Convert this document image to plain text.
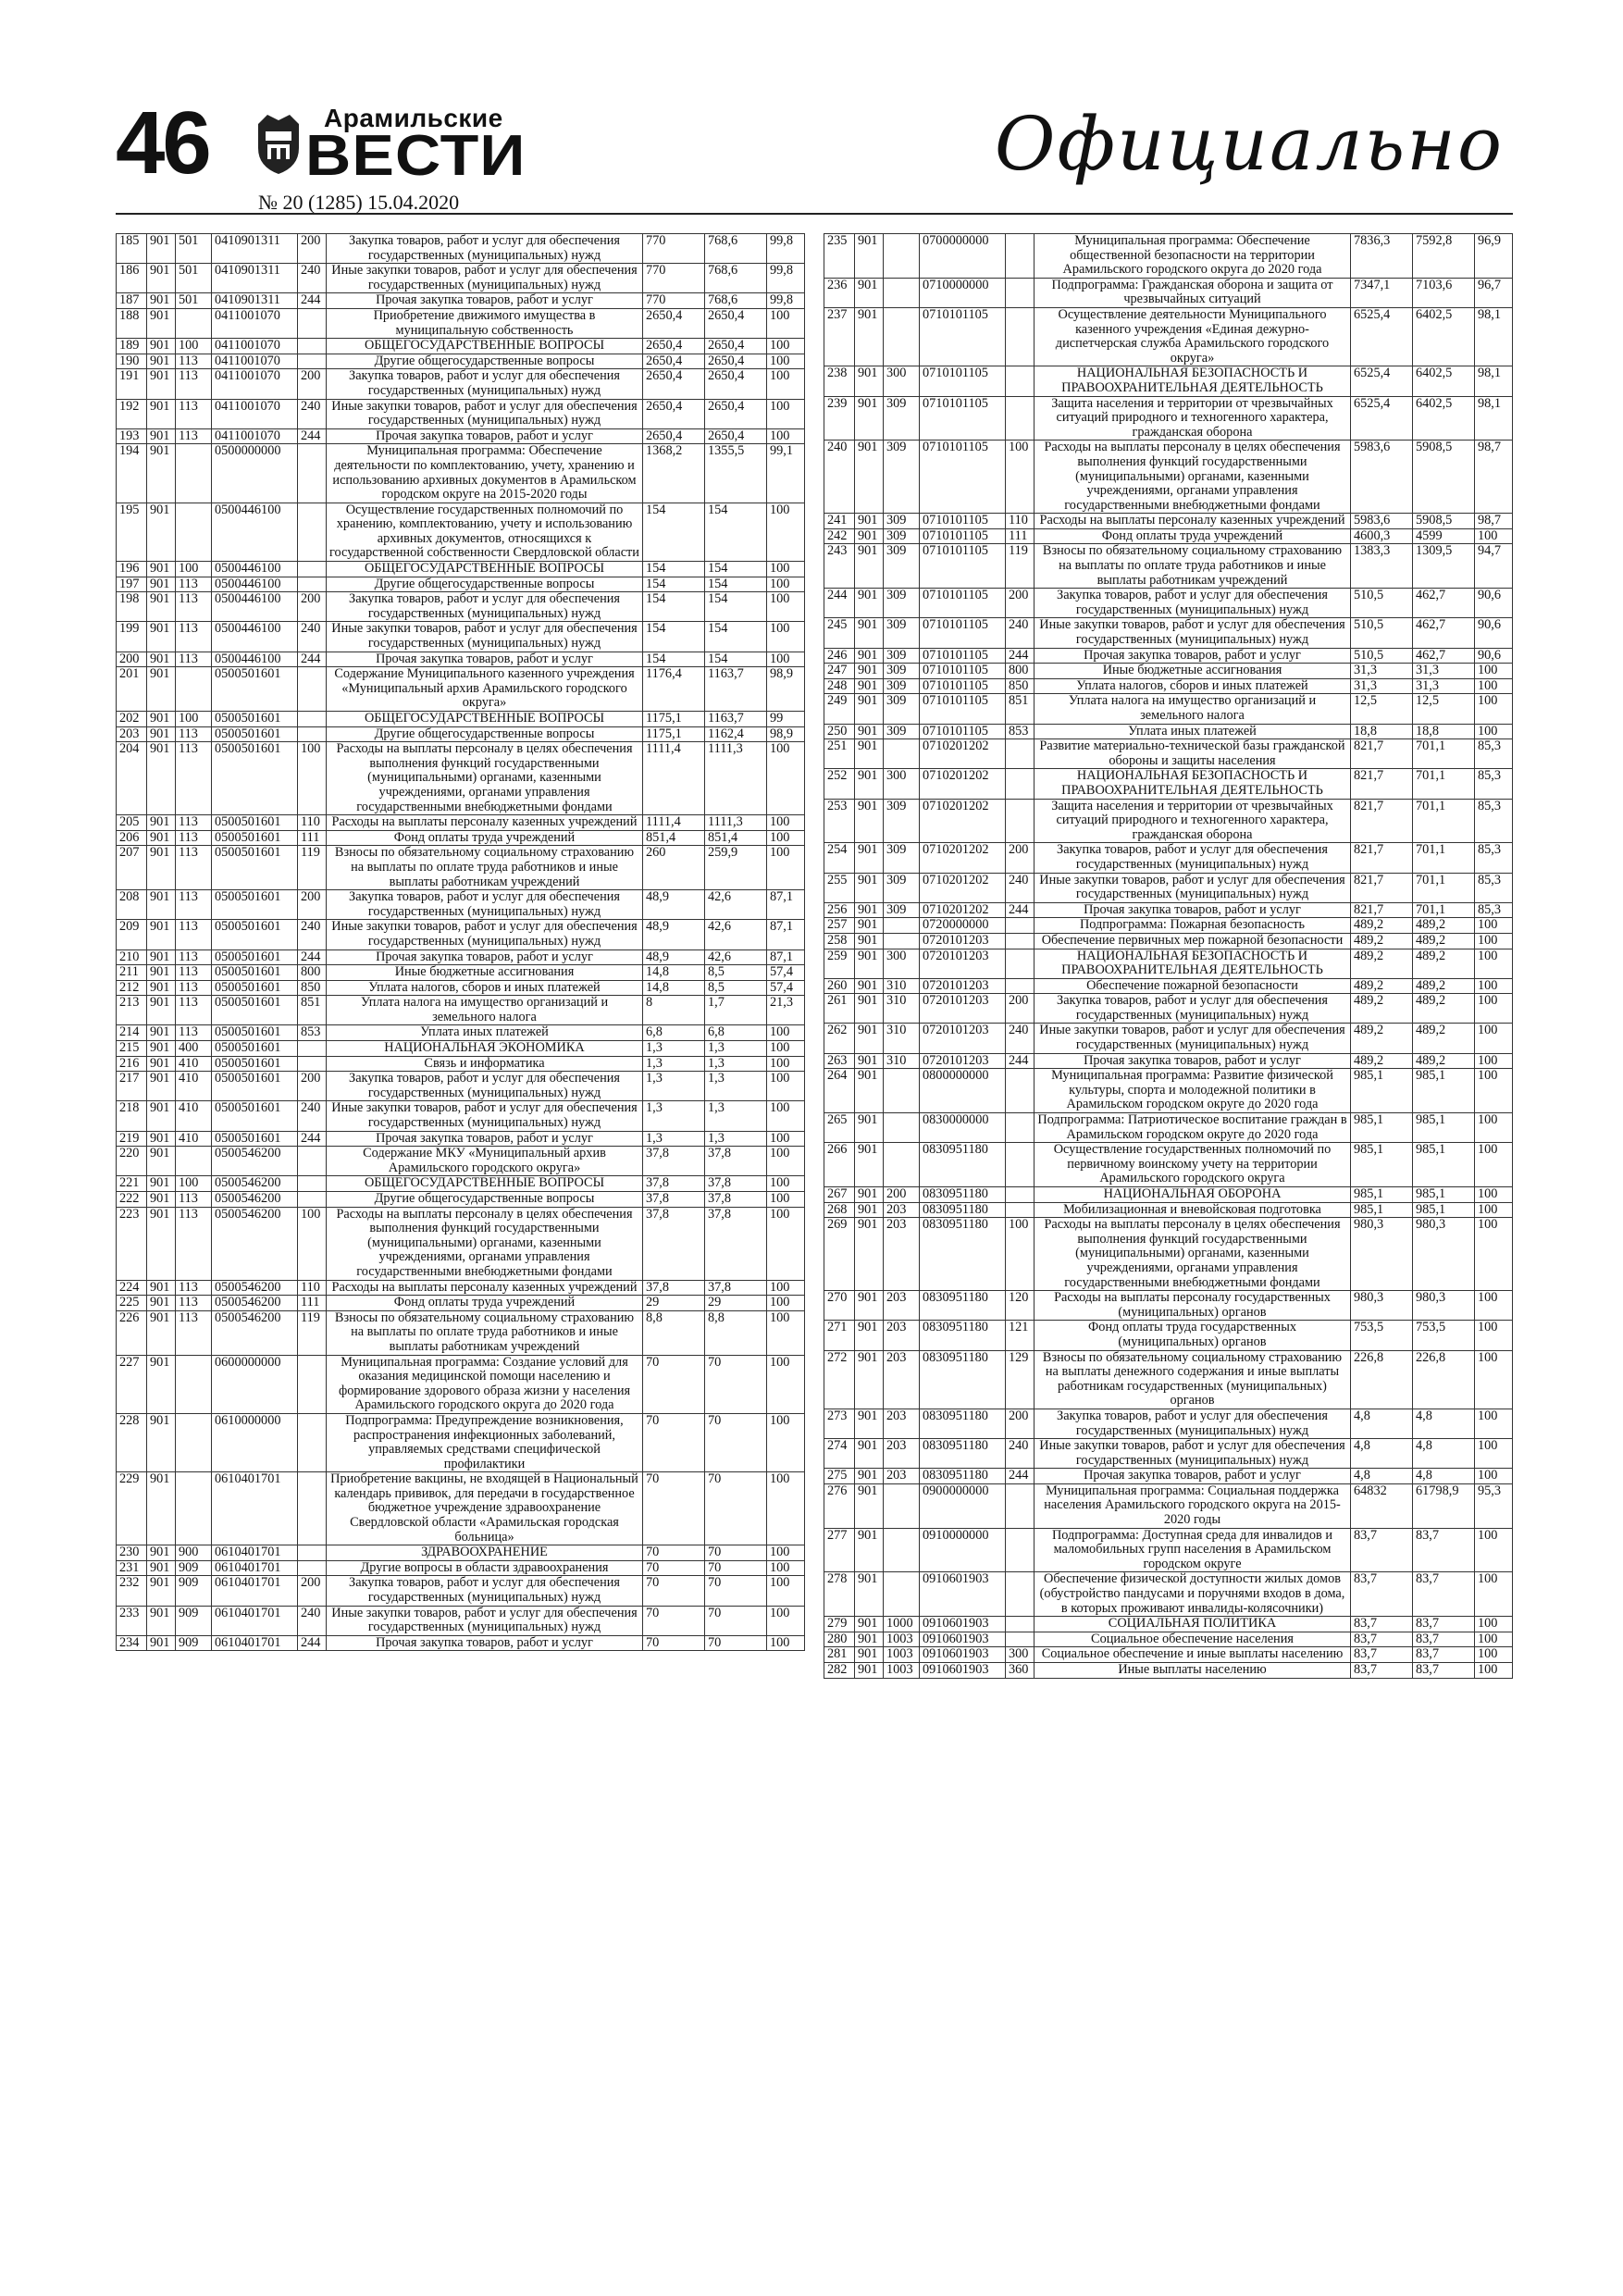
46	Арамильские
ВЕСТИ
№ 20 (1285) 15.04.2020
Официально
185	901	501	0410901311	200	Закупка товаров, работ и услуг для обеспечения государственных (муниципальных) нужд	770	768,6	99,8
186	901	501	0410901311	240	Иные закупки товаров, работ и услуг для обеспечения государственных (муниципальных) нужд	770	768,6	99,8
187	901	501	0410901311	244	Прочая закупка товаров, работ и услуг	770	768,6	99,8
188	901		0411001070		Приобретение движимого имущества в муниципальную собственность	2650,4	2650,4	100
189	901	100	0411001070		ОБЩЕГОСУДАРСТВЕННЫЕ ВОПРОСЫ	2650,4	2650,4	100
190	901	113	0411001070		Другие общегосударственные вопросы	2650,4	2650,4	100
191	901	113	0411001070	200	Закупка товаров, работ и услуг для обеспечения государственных (муниципальных) нужд	2650,4	2650,4	100
192	901	113	0411001070	240	Иные закупки товаров, работ и услуг для обеспечения государственных (муниципальных) нужд	2650,4	2650,4	100
193	901	113	0411001070	244	Прочая закупка товаров, работ и услуг	2650,4	2650,4	100
194	901		0500000000		Муниципальная программа: Обеспечение деятельности по комплектованию, учету, хранению и использованию архивных документов в Арамильском городском округе на 2015-2020 годы	1368,2	1355,5	99,1
195	901		0500446100		Осуществление государственных полномочий по хранению, комплектованию, учету и использованию архивных документов, относящихся к государственной собственности Свердловской области	154	154	100
196	901	100	0500446100		ОБЩЕГОСУДАРСТВЕННЫЕ ВОПРОСЫ	154	154	100
197	901	113	0500446100		Другие общегосударственные вопросы	154	154	100
198	901	113	0500446100	200	Закупка товаров, работ и услуг для обеспечения государственных (муниципальных) нужд	154	154	100
199	901	113	0500446100	240	Иные закупки товаров, работ и услуг для обеспечения государственных (муниципальных) нужд	154	154	100
200	901	113	0500446100	244	Прочая закупка товаров, работ и услуг	154	154	100
201	901		0500501601		Содержание Муниципального казенного учреждения «Муниципальный архив Арамильского городского округа»	1176,4	1163,7	98,9
202	901	100	0500501601		ОБЩЕГОСУДАРСТВЕННЫЕ ВОПРОСЫ	1175,1	1163,7	99
203	901	113	0500501601		Другие общегосударственные вопросы	1175,1	1162,4	98,9
204	901	113	0500501601	100	Расходы на выплаты персоналу в целях обеспечения выполнения функций государственными (муниципальными) органами, казенными учреждениями, органами управления государственными внебюджетными фондами	1111,4	1111,3	100
205	901	113	0500501601	110	Расходы на выплаты персоналу казенных учреждений	1111,4	1111,3	100
206	901	113	0500501601	111	Фонд оплаты труда учреждений	851,4	851,4	100
207	901	113	0500501601	119	Взносы по обязательному социальному страхованию на выплаты по оплате труда работников и иные выплаты работникам учреждений	260	259,9	100
208	901	113	0500501601	200	Закупка товаров, работ и услуг для обеспечения государственных (муниципальных) нужд	48,9	42,6	87,1
209	901	113	0500501601	240	Иные закупки товаров, работ и услуг для обеспечения государственных (муниципальных) нужд	48,9	42,6	87,1
210	901	113	0500501601	244	Прочая закупка товаров, работ и услуг	48,9	42,6	87,1
211	901	113	0500501601	800	Иные бюджетные ассигнования	14,8	8,5	57,4
212	901	113	0500501601	850	Уплата налогов, сборов и иных платежей	14,8	8,5	57,4
213	901	113	0500501601	851	Уплата налога на имущество организаций и земельного налога	8	1,7	21,3
214	901	113	0500501601	853	Уплата иных платежей	6,8	6,8	100
215	901	400	0500501601		НАЦИОНАЛЬНАЯ ЭКОНОМИКА	1,3	1,3	100
216	901	410	0500501601		Связь и информатика	1,3	1,3	100
217	901	410	0500501601	200	Закупка товаров, работ и услуг для обеспечения государственных (муниципальных) нужд	1,3	1,3	100
218	901	410	0500501601	240	Иные закупки товаров, работ и услуг для обеспечения государственных (муниципальных) нужд	1,3	1,3	100
219	901	410	0500501601	244	Прочая закупка товаров, работ и услуг	1,3	1,3	100
220	901		0500546200		Содержание МКУ «Муниципальный архив Арамильского городского округа»	37,8	37,8	100
221	901	100	0500546200		ОБЩЕГОСУДАРСТВЕННЫЕ ВОПРОСЫ	37,8	37,8	100
222	901	113	0500546200		Другие общегосударственные вопросы	37,8	37,8	100
223	901	113	0500546200	100	Расходы на выплаты персоналу в целях обеспечения выполнения функций государственными (муниципальными) органами, казенными учреждениями, органами управления государственными внебюджетными фондами	37,8	37,8	100
224	901	113	0500546200	110	Расходы на выплаты персоналу казенных учреждений	37,8	37,8	100
225	901	113	0500546200	111	Фонд оплаты труда учреждений	29	29	100
226	901	113	0500546200	119	Взносы по обязательному социальному страхованию на выплаты по оплате труда работников и иные выплаты работникам учреждений	8,8	8,8	100
227	901		0600000000		Муниципальная программа: Создание условий для оказания медицинской помощи населению и формирование здорового образа жизни у населения Арамильского городского округа до 2020 года	70	70	100
228	901		0610000000		Подпрограмма: Предупреждение возникновения, распространения инфекционных заболеваний, управляемых средствами специфической профилактики	70	70	100
229	901		0610401701		Приобретение вакцины, не входящей в Национальный календарь прививок, для передачи в государственное бюджетное учреждение здравоохранение Свердловской области «Арамильская городская больница»	70	70	100
230	901	900	0610401701		ЗДРАВООХРАНЕНИЕ	70	70	100
231	901	909	0610401701		Другие вопросы в области здравоохранения	70	70	100
232	901	909	0610401701	200	Закупка товаров, работ и услуг для обеспечения государственных (муниципальных) нужд	70	70	100
233	901	909	0610401701	240	Иные закупки товаров, работ и услуг для обеспечения государственных (муниципальных) нужд	70	70	100
234	901	909	0610401701	244	Прочая закупка товаров, работ и услуг	70	70	100
235	901		0700000000		Муниципальная программа: Обеспечение общественной безопасности на территории Арамильского городского округа до 2020 года	7836,3	7592,8	96,9
236	901		0710000000		Подпрограмма: Гражданская оборона и защита от чрезвычайных ситуаций	7347,1	7103,6	96,7
237	901		0710101105		Осуществление деятельности Муниципального казенного учреждения «Единая дежурно-диспетчерская служба Арамильского городского округа»	6525,4	6402,5	98,1
238	901	300	0710101105		НАЦИОНАЛЬНАЯ БЕЗОПАСНОСТЬ И ПРАВООХРАНИТЕЛЬНАЯ ДЕЯТЕЛЬНОСТЬ	6525,4	6402,5	98,1
239	901	309	0710101105		Защита населения и территории от чрезвычайных ситуаций природного и техногенного характера, гражданская оборона	6525,4	6402,5	98,1
240	901	309	0710101105	100	Расходы на выплаты персоналу в целях обеспечения выполнения функций государственными (муниципальными) органами, казенными учреждениями, органами управления государственными внебюджетными фондами	5983,6	5908,5	98,7
241	901	309	0710101105	110	Расходы на выплаты персоналу казенных учреждений	5983,6	5908,5	98,7
242	901	309	0710101105	111	Фонд оплаты труда учреждений	4600,3	4599	100
243	901	309	0710101105	119	Взносы по обязательному социальному страхованию на выплаты по оплате труда работников и иные выплаты работникам учреждений	1383,3	1309,5	94,7
244	901	309	0710101105	200	Закупка товаров, работ и услуг для обеспечения государственных (муниципальных) нужд	510,5	462,7	90,6
245	901	309	0710101105	240	Иные закупки товаров, работ и услуг для обеспечения государственных (муниципальных) нужд	510,5	462,7	90,6
246	901	309	0710101105	244	Прочая закупка товаров, работ и услуг	510,5	462,7	90,6
247	901	309	0710101105	800	Иные бюджетные ассигнования	31,3	31,3	100
248	901	309	0710101105	850	Уплата налогов, сборов и иных платежей	31,3	31,3	100
249	901	309	0710101105	851	Уплата налога на имущество организаций и земельного налога	12,5	12,5	100
250	901	309	0710101105	853	Уплата иных платежей	18,8	18,8	100
251	901		0710201202		Развитие материально-технической базы гражданской обороны и защиты населения	821,7	701,1	85,3
252	901	300	0710201202		НАЦИОНАЛЬНАЯ БЕЗОПАСНОСТЬ И ПРАВООХРАНИТЕЛЬНАЯ ДЕЯТЕЛЬНОСТЬ	821,7	701,1	85,3
253	901	309	0710201202		Защита населения и территории от чрезвычайных ситуаций природного и техногенного характера, гражданская оборона	821,7	701,1	85,3
254	901	309	0710201202	200	Закупка товаров, работ и услуг для обеспечения государственных (муниципальных) нужд	821,7	701,1	85,3
255	901	309	0710201202	240	Иные закупки товаров, работ и услуг для обеспечения государственных (муниципальных) нужд	821,7	701,1	85,3
256	901	309	0710201202	244	Прочая закупка товаров, работ и услуг	821,7	701,1	85,3
257	901		0720000000		Подпрограмма: Пожарная безопасность	489,2	489,2	100
258	901		0720101203		Обеспечение первичных мер пожарной безопасности	489,2	489,2	100
259	901	300	0720101203		НАЦИОНАЛЬНАЯ БЕЗОПАСНОСТЬ И ПРАВООХРАНИТЕЛЬНАЯ ДЕЯТЕЛЬНОСТЬ	489,2	489,2	100
260	901	310	0720101203		Обеспечение пожарной безопасности	489,2	489,2	100
261	901	310	0720101203	200	Закупка товаров, работ и услуг для обеспечения государственных (муниципальных) нужд	489,2	489,2	100
262	901	310	0720101203	240	Иные закупки товаров, работ и услуг для обеспечения государственных (муниципальных) нужд	489,2	489,2	100
263	901	310	0720101203	244	Прочая закупка товаров, работ и услуг	489,2	489,2	100
264	901		0800000000		Муниципальная программа: Развитие физической культуры, спорта и молодежной политики в Арамильском городском округе до 2020 года	985,1	985,1	100
265	901		0830000000		Подпрограмма: Патриотическое воспитание граждан в Арамильском городском округе до 2020 года	985,1	985,1	100
266	901		0830951180		Осуществление государственных полномочий по первичному воинскому учету на территории Арамильского городского округа	985,1	985,1	100
267	901	200	0830951180		НАЦИОНАЛЬНАЯ ОБОРОНА	985,1	985,1	100
268	901	203	0830951180		Мобилизационная и вневойсковая подготовка	985,1	985,1	100
269	901	203	0830951180	100	Расходы на выплаты персоналу в целях обеспечения выполнения функций государственными (муниципальными) органами, казенными учреждениями, органами управления государственными внебюджетными фондами	980,3	980,3	100
270	901	203	0830951180	120	Расходы на выплаты персоналу государственных (муниципальных) органов	980,3	980,3	100
271	901	203	0830951180	121	Фонд оплаты труда государственных (муниципальных) органов	753,5	753,5	100
272	901	203	0830951180	129	Взносы по обязательному социальному страхованию на выплаты денежного содержания и иные выплаты работникам государственных (муниципальных) органов	226,8	226,8	100
273	901	203	0830951180	200	Закупка товаров, работ и услуг для обеспечения государственных (муниципальных) нужд	4,8	4,8	100
274	901	203	0830951180	240	Иные закупки товаров, работ и услуг для обеспечения государственных (муниципальных) нужд	4,8	4,8	100
275	901	203	0830951180	244	Прочая закупка товаров, работ и услуг	4,8	4,8	100
276	901		0900000000		Муниципальная программа: Социальная поддержка населения Арамильского городского округа на 2015-2020 годы	64832	61798,9	95,3
277	901		0910000000		Подпрограмма: Доступная среда для инвалидов и маломобильных групп населения в Арамильском городском округе	83,7	83,7	100
278	901		0910601903		Обеспечение физической доступности жилых домов (обустройство пандусами и поручнями входов в дома, в которых проживают инвалиды-колясочники)	83,7	83,7	100
279	901	1000	0910601903		СОЦИАЛЬНАЯ ПОЛИТИКА	83,7	83,7	100
280	901	1003	0910601903		Социальное обеспечение населения	83,7	83,7	100
281	901	1003	0910601903	300	Социальное обеспечение и иные выплаты населению	83,7	83,7	100
282	901	1003	0910601903	360	Иные выплаты населению	83,7	83,7	100
